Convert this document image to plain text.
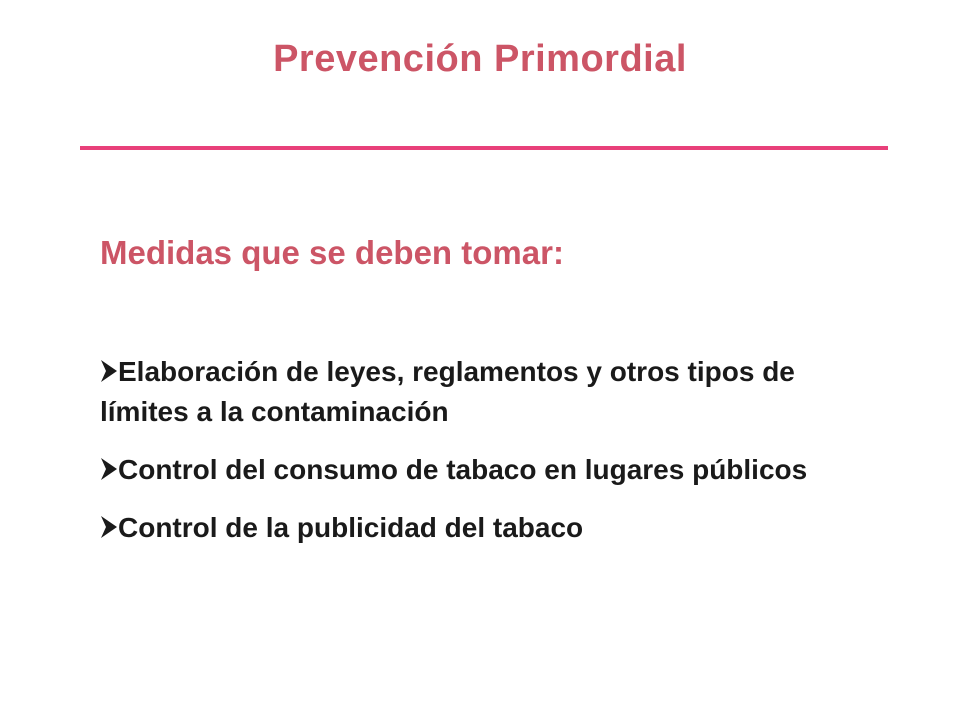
Prevención Primordial
Medidas que se deben tomar:
Elaboración de leyes, reglamentos y otros tipos de límites a la contaminación
Control del consumo de tabaco en lugares públicos
Control de la publicidad del tabaco
